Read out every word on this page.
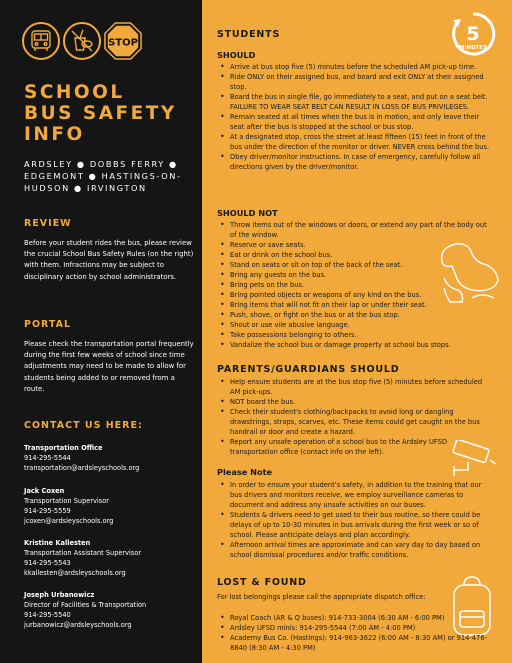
STOP
SCHOOL
BUS SAFETY
INFO
ARDSLEY ● DOBBS FERRY ● EDGEMONT ● HASTINGS-ON-HUDSON ● IRVINGTON
REVIEW
Before your student rides the bus, please review the crucial School Bus Safety Rules (on the right) with them. Infractions may be subject to disciplinary action by school administrators.
PORTAL
Please check the transportation portal frequently during the first few weeks of school since time adjustments may need to be made to allow for students being added to or removed from a route.
CONTACT US HERE:
Transportation Office
914-295-5544
transportation@ardsleyschools.org
Jack Coxen
Transportation Supervisor
914-295-5559
jcoxen@ardsleyschools.org
Kristine Kallesten
Transportation Assistant Supervisor
914-295-5543
kkallesten@ardsleyschools.org
Joseph Urbanowicz
Director of Facilities & Transportation
914-295-5540
jurbanowicz@ardsleyschools.org
5
MINUTES
STUDENTS
SHOULD
• Arrive at bus stop five (5) minutes before the scheduled AM pick-up time.
• Ride ONLY on their assigned bus, and board and exit ONLY at their assigned stop.
• Board the bus in single file, go immediately to a seat, and put on a seat belt. FAILURE TO WEAR SEAT BELT CAN RESULT IN LOSS OF BUS PRIVILEGES.
• Remain seated at all times when the bus is in motion, and only leave their seat after the bus is stopped at the school or bus stop.
• At a designated stop, cross the street at least fifteen (15) feet in front of the bus under the direction of the monitor or driver. NEVER cross behind the bus.
• Obey driver/monitor instructions. In case of emergency, carefully follow all directions given by the driver/monitor.
SHOULD NOT
• Throw items out of the windows or doors, or extend any part of the body out of the window.
• Reserve or save seats.
• Eat or drink on the school bus.
• Stand on seats or sit on top of the back of the seat.
• Bring any guests on the bus.
• Bring pets on the bus.
• Bring pointed objects or weapons of any kind on the bus.
• Bring items that will not fit on their lap or under their seat.
• Push, shove, or fight on the bus or at the bus stop.
• Shout or use vile abusive language.
• Take possessions belonging to others.
• Vandalize the school bus or damage property at school bus stops.
PARENTS/GUARDIANS SHOULD
• Help ensure students are at the bus stop five (5) minutes before scheduled AM pick-ups.
• NOT board the bus.
• Check their student's clothing/backpacks to avoid long or dangling drawstrings, straps, scarves, etc. These items could get caught on the bus handrail or door and create a hazard.
• Report any unsafe operation of a school bus to the Ardsley UFSD transportation office (contact info on the left).
Please Note
• In order to ensure your student's safety, in addition to the training that our bus drivers and monitors receive, we employ surveillance cameras to document and address any unsafe activities on our buses.
• Students & drivers need to get used to their bus routine, so there could be delays of up to 10-30 minutes in bus arrivals during the first week or so of school. Please anticipate delays and plan accordingly.
• Afternoon arrival times are approximate and can vary day to day based on school dismissal procedures and/or traffic conditions.
LOST & FOUND
For lost belongings please call the appropriate dispatch office:
• Royal Coach (AR & Q buses): 914-733-3004 (6:30 AM - 6:00 PM)
• Ardsley UFSD minis: 914-295-5544 (7:00 AM - 4:00 PM)
• Academy Bus Co. (Hastings): 914-963-3622 (6:00 AM - 8:30 AM) or 914-476-8840 (8:30 AM - 4:30 PM)
